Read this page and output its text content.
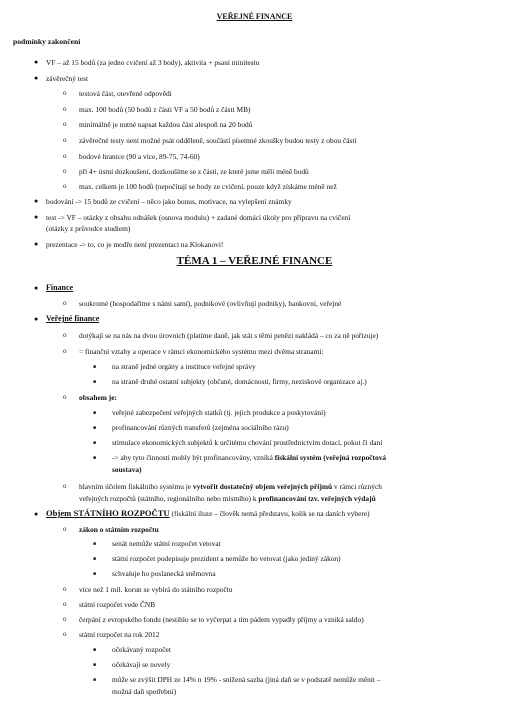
VEŘEJNÉ FINANCE
podmínky zakončení
● VF – až 15 bodů (za jedno cvičení až 3 body), aktivita + psaní minitestu
● závěrečný test
o testová část, otevřené odpovědi
o max. 100 bodů (50 bodů z části VF a 50 bodů z části MB)
o minimálně je nutné napsat každou část alespoň na 20 bodů
o závěrečné testy není možné psát odděleně, součástí písemné zkoušky budou testy z obou částí
o bodové hranice (90 a více, 89-75, 74-60)
o při 4+ ústní dozkoušení, dozkoušíme se z části, ze které jsme měli méně bodů
o max. celkem je 100 bodů (nepočítají se body ze cvičení, pouze když získáme méně než
● bodování -> 15 bodů ze cvičení – něco jako bonus, motivace, na vylepšení známky
● test -> VF – otázky z obsahu odnášek (osnova modulu) + zadané domácí úkoly pro přípravu na cvičení
(otázky z průvodce studiem)
● prezentace -> to, co je modře není prezentaci na Klokanovi!
TÉMA 1 – VEŘEJNÉ FINANCE
● Finance
o soukromé (hospodaříme s námi samí), podnikové (ovlivňují podniky), bankovní, veřejné
● Veřejné finance
o dotýkají se na nás na dvou úrovních (platíme daně, jak stát s těmi penězi nakládá – co za ně pořizuje)
o = finanční vztahy a operace v rámci ekonomického systému mezi dvěma stranami:
■ na straně jedné orgány a instituce veřejné správy
■ na straně druhé ostatní subjekty (občané, domácnosti, firmy, neziskové organizace aj.)
o obsahem je:
■ veřejné zabezpečení veřejných statků (tj. jejich produkce a poskytování)
■ profinancování různých transferů (zejména sociálního rázu)
■ stimulace ekonomických subjektů k určitému chování prostřednictvím dotací, pokut či daní
■ -> aby tyto činnosti mohly být profinancovány, vzniká fiskální systém (veřejná rozpočtová
soustava)
o hlavním účelem fiskálního systému je vytvořit dostatečný objem veřejných příjmů v rámci různých
veřejných rozpočtů (státního, regionálního nebo místního) k profinancování tzv. veřejných výdajů
● Objem STÁTNÍHO ROZPOČTU (fiskální iluze – člověk nemá představu, kolik se na daních vybere)
o zákon o státním rozpočtu
■ senát nemůže státní rozpočet vetovat
■ státní rozpočet podepisuje prezident a nemůže ho vetovat (jako jediný zákon)
■ schvaluje ho poslanecká sněmovna
o více než 1 mil. korun se vybírá do státního rozpočtu
o státní rozpočet vede ČNB
o čerpání z evropského fondu (nestihlo se to vyčerpat a tím pádem vypadly příjmy a vzniká saldo)
o státní rozpočet na rok 2012
■ očekávaný rozpočet
■ očekávají se novely
■ může se zvýšit DPH ze 14% n 19% - snížená sazba (jiná daň se v podstatě nemůže měnit –
možná daň spotřební)
